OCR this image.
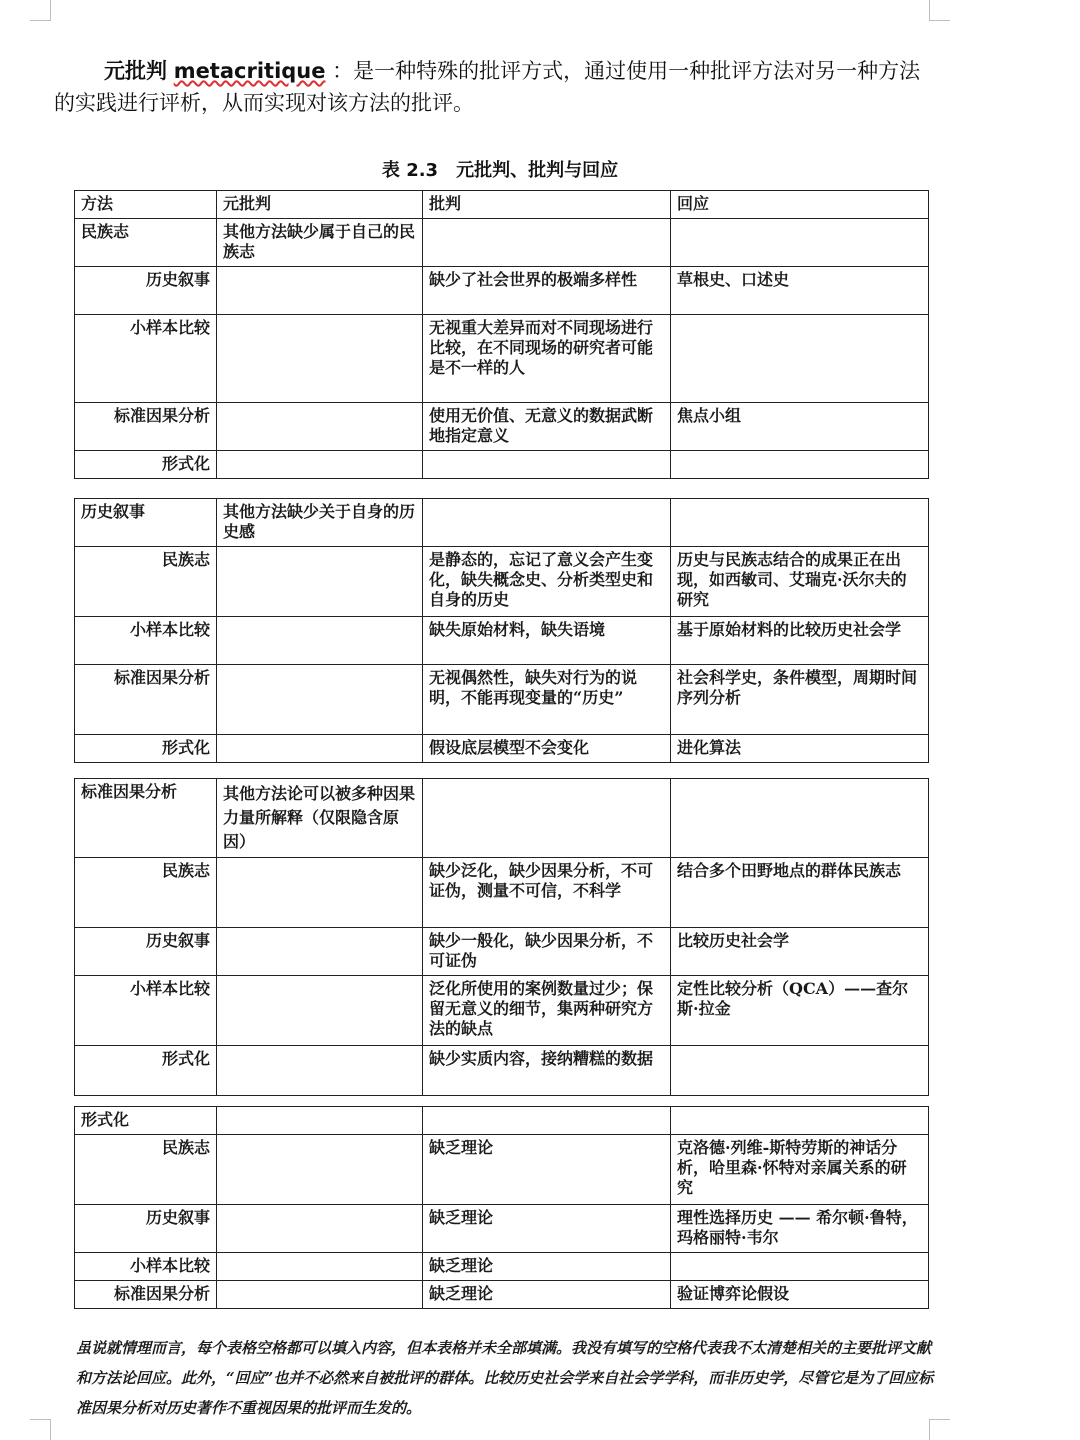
元批判 metacritique ：是一种特殊的批评方式，通过使用一种批评方法对另一种方法的实践进行评析，从而实现对该方法的批评。

表 2.3　元批判、批判与回应
方法	元批判	批判	回应
民族志	其他方法缺少属于自己的民族志		
历史叙事		缺少了社会世界的极端多样性	草根史、口述史
小样本比较		无视重大差异而对不同现场进行比较，在不同现场的研究者可能是不一样的人	
标准因果分析		使用无价值、无意义的数据武断地指定意义	焦点小组
形式化			
历史叙事	其他方法缺少关于自身的历史感		
民族志		是静态的，忘记了意义会产生变化，缺失概念史、分析类型史和自身的历史	历史与民族志结合的成果正在出现，如西敏司、艾瑞克·沃尔夫的研究
小样本比较		缺失原始材料，缺失语境	基于原始材料的比较历史社会学
标准因果分析		无视偶然性，缺失对行为的说明，不能再现变量的“历史”	社会科学史，条件模型，周期时间序列分析
形式化		假设底层模型不会变化	进化算法
标准因果分析	其他方法论可以被多种因果力量所解释（仅限隐含原因）		
民族志		缺少泛化，缺少因果分析，不可证伪，测量不可信，不科学	结合多个田野地点的群体民族志
历史叙事		缺少一般化，缺少因果分析，不可证伪	比较历史社会学
小样本比较		泛化所使用的案例数量过少；保留无意义的细节，集两种研究方法的缺点	定性比较分析（QCA）——查尔斯·拉金
形式化		缺少实质内容，接纳糟糕的数据	
形式化			
民族志		缺乏理论	克洛德·列维-斯特劳斯的神话分析，哈里森·怀特对亲属关系的研究
历史叙事		缺乏理论	理性选择历史 —— 希尔顿·鲁特，玛格丽特·韦尔
小样本比较		缺乏理论	
标准因果分析		缺乏理论	验证博弈论假设

虽说就情理而言，每个表格空格都可以填入内容，但本表格并未全部填满。我没有填写的空格代表我不太清楚相关的主要批评文献和方法论回应。此外，“回应”也并不必然来自被批评的群体。比较历史社会学来自社会学学科，而非历史学，尽管它是为了回应标准因果分析对历史著作不重视因果的批评而生发的。
